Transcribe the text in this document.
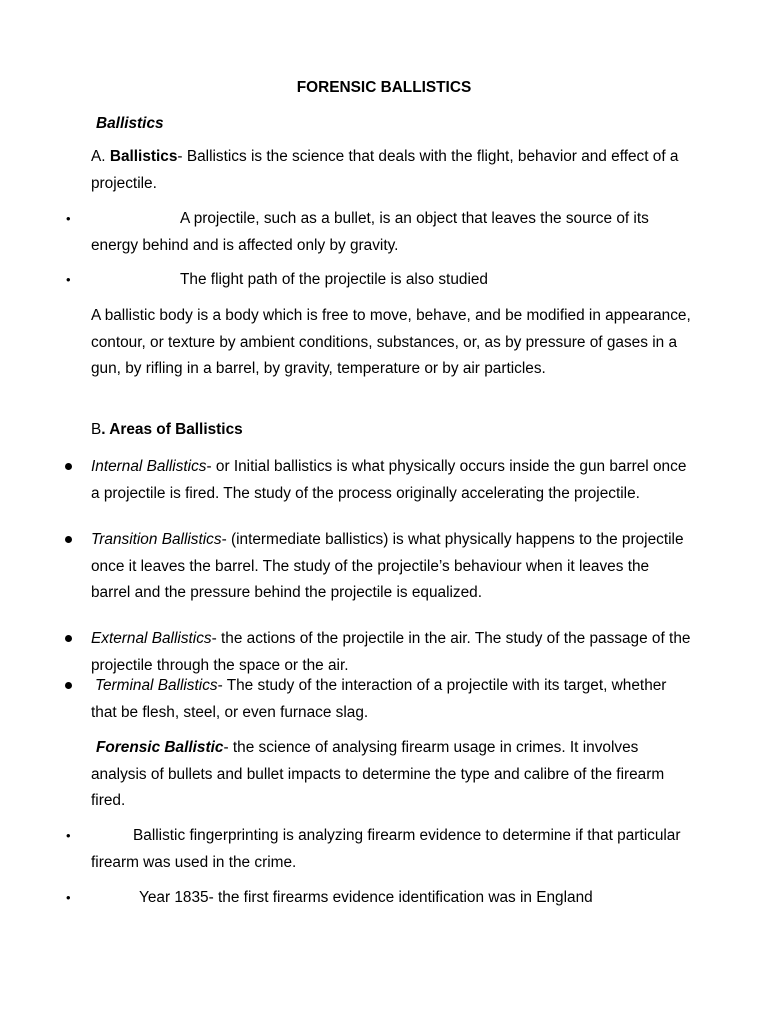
FORENSIC BALLISTICS
Ballistics
A. Ballistics- Ballistics is the science that deals with the flight, behavior and effect of a projectile.
•	A projectile, such as a bullet, is an object that leaves the source of its energy behind and is affected only by gravity.
•	The flight path of the projectile is also studied
A ballistic body is a body which is free to move, behave, and be modified in appearance, contour, or texture by ambient conditions, substances, or, as by pressure of gases in a gun, by rifling in a barrel, by gravity, temperature or by air particles.
B. Areas of Ballistics
Internal Ballistics- or Initial ballistics is what physically occurs inside the gun barrel once a projectile is fired. The study of the process originally accelerating the projectile.
Transition Ballistics- (intermediate ballistics) is what physically happens to the projectile once it leaves the barrel. The study of the projectile’s behaviour when it leaves the barrel and the pressure behind the projectile is equalized.
External Ballistics- the actions of the projectile in the air. The study of the passage of the projectile through the space or the air.
Terminal Ballistics- The study of the interaction of a projectile with its target, whether that be flesh, steel, or even furnace slag.
Forensic Ballistic- the science of analysing firearm usage in crimes. It involves analysis of bullets and bullet impacts to determine the type and calibre of the firearm fired.
•	Ballistic fingerprinting is analyzing firearm evidence to determine if that particular firearm was used in the crime.
•	Year 1835- the first firearms evidence identification was in England
